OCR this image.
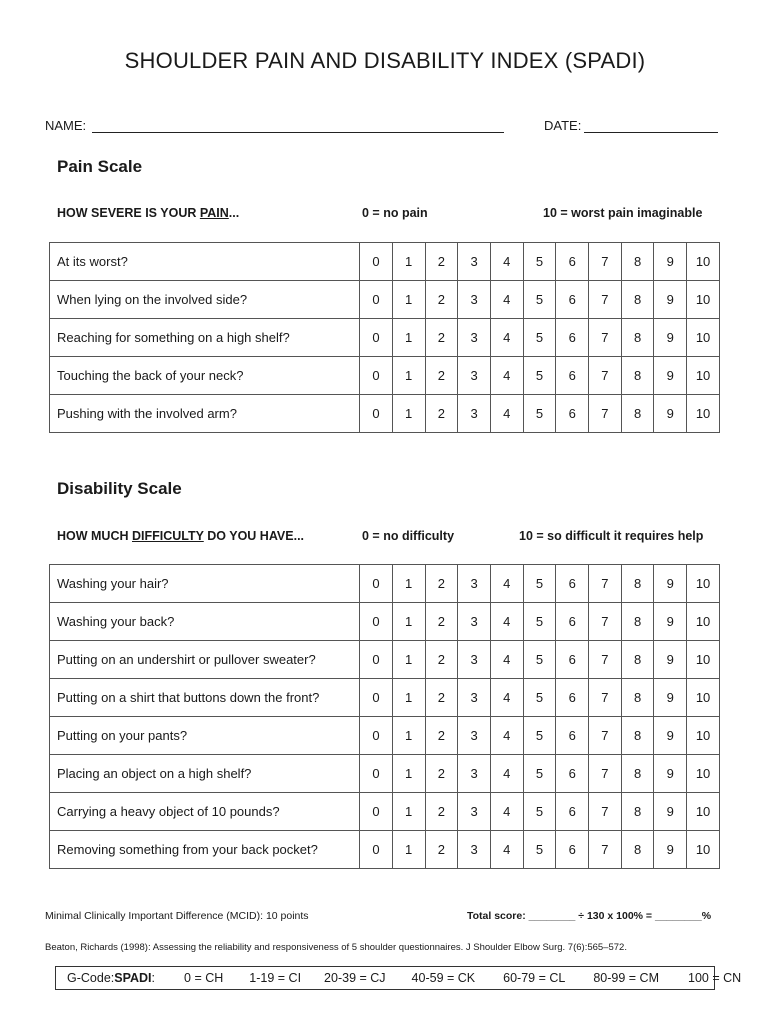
SHOULDER PAIN AND DISABILITY INDEX (SPADI)
NAME:	DATE:
Pain Scale
HOW SEVERE IS YOUR PAIN...	0 = no pain	10 = worst pain imaginable
At its worst?	0	1	2	3	4	5	6	7	8	9	10
When lying on the involved side?	0	1	2	3	4	5	6	7	8	9	10
Reaching for something on a high shelf?	0	1	2	3	4	5	6	7	8	9	10
Touching the back of your neck?	0	1	2	3	4	5	6	7	8	9	10
Pushing with the involved arm?	0	1	2	3	4	5	6	7	8	9	10
Disability Scale
HOW MUCH DIFFICULTY DO YOU HAVE...	0 = no difficulty	10 = so difficult it requires help
Washing your hair?	0	1	2	3	4	5	6	7	8	9	10
Washing your back?	0	1	2	3	4	5	6	7	8	9	10
Putting on an undershirt or pullover sweater?	0	1	2	3	4	5	6	7	8	9	10
Putting on a shirt that buttons down the front?	0	1	2	3	4	5	6	7	8	9	10
Putting on your pants?	0	1	2	3	4	5	6	7	8	9	10
Placing an object on a high shelf?	0	1	2	3	4	5	6	7	8	9	10
Carrying a heavy object of 10 pounds?	0	1	2	3	4	5	6	7	8	9	10
Removing something from your back pocket?	0	1	2	3	4	5	6	7	8	9	10
Minimal Clinically Important Difference (MCID): 10 points	Total score: ________ ÷ 130 x 100% = ________%
Beaton, Richards (1998): Assessing the reliability and responsiveness of 5 shoulder questionnaires. J Shoulder Elbow Surg. 7(6):565–572.
G-Code:SPADI:	0 = CH 1-19 = CI 20-39 = CJ 40-59 = CK 60-79 = CL 80-99 = CM 100 = CN
